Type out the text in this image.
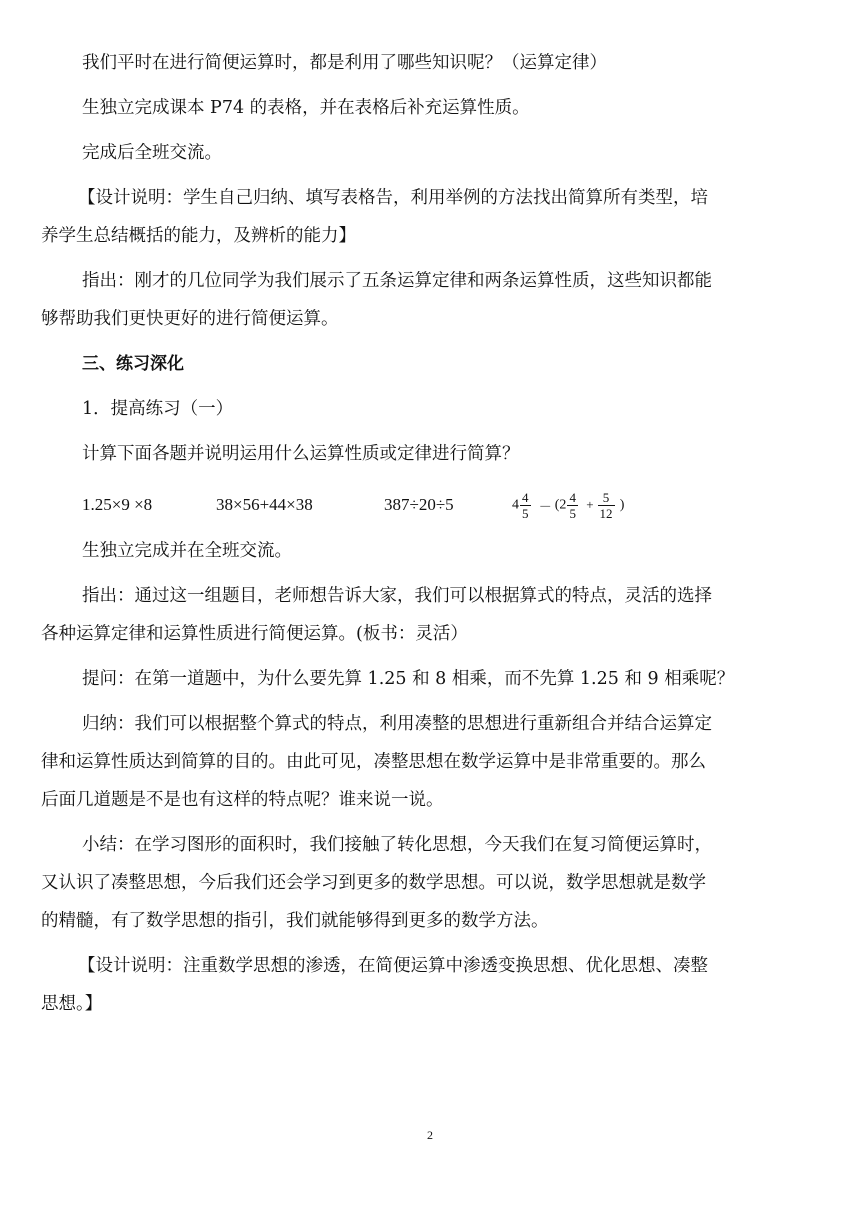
我们平时在进行简便运算时，都是利用了哪些知识呢？（运算定律）

生独立完成课本 P74 的表格，并在表格后补充运算性质。

完成后全班交流。

【设计说明：学生自己归纳、填写表格告，利用举例的方法找出简算所有类型，培

养学生总结概括的能力，及辨析的能力】

指出：刚才的几位同学为我们展示了五条运算定律和两条运算性质，这些知识都能

够帮助我们更快更好的进行简便运算。

三、练习深化

1．提高练习（一）

计算下面各题并说明运用什么运算性质或定律进行简算？

1.25×9 ×8	38×56+44×38	387÷20÷5	$4 \frac{4}{5} - (2 \frac{4}{5} + \frac{5}{12}$ )

生独立完成并在全班交流。

指出：通过这一组题目，老师想告诉大家，我们可以根据算式的特点，灵活的选择

各种运算定律和运算性质进行简便运算。(板书：灵活）

提问：在第一道题中，为什么要先算 1.25 和 8 相乘，而不先算 1.25 和 9 相乘呢？

归纳：我们可以根据整个算式的特点，利用凑整的思想进行重新组合并结合运算定

律和运算性质达到简算的目的。由此可见，凑整思想在数学运算中是非常重要的。那么

后面几道题是不是也有这样的特点呢？谁来说一说。

小结：在学习图形的面积时，我们接触了转化思想，今天我们在复习简便运算时，

又认识了凑整思想，今后我们还会学习到更多的数学思想。可以说，数学思想就是数学

的精髓，有了数学思想的指引，我们就能够得到更多的数学方法。

【设计说明：注重数学思想的渗透，在简便运算中渗透变换思想、优化思想、凑整

思想。】

2
